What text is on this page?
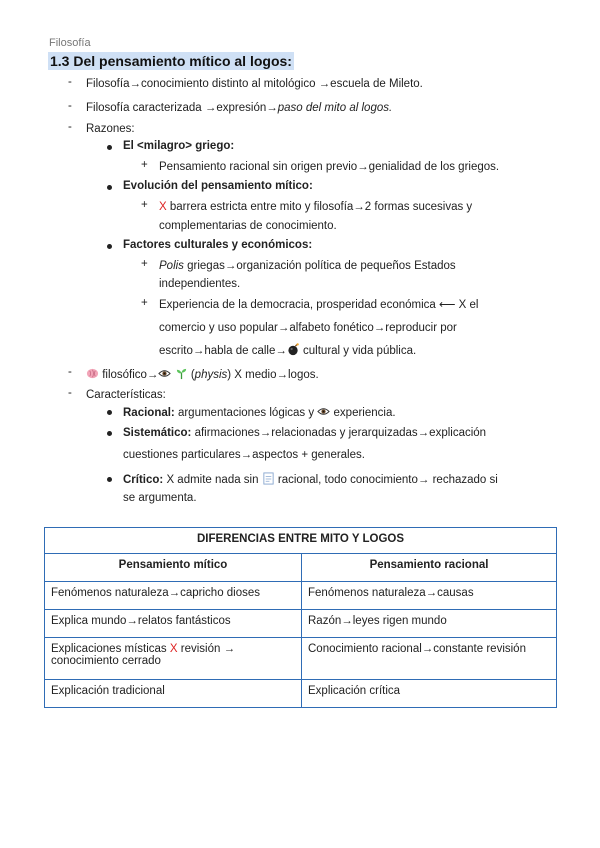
Filosofía
1.3 Del pensamiento mítico al logos:
- Filosofía→conocimiento distinto al mitológico →escuela de Mileto.
- Filosofía caracterizada →expresión→paso del mito al logos.
- Razones:
El <milagro> griego:
+ Pensamiento racional sin origen previo→genialidad de los griegos.
Evolución del pensamiento mítico:
+ X barrera estricta entre mito y filosofía→2 formas sucesivas y
complementarias de conocimiento.
Factores culturales y económicos:
+ Polis griegas→organización política de pequeños Estados
independientes.
+ Experiencia de la democracia, prosperidad económica ⟵ X el
comercio y uso popular→alfabeto fonético→reproducir por
escrito→habla de calle→ cultural y vida pública.
-	filosófico→	(physis) X medio→logos.
- Características:
Racional: argumentaciones lógicas y  experiencia.
Sistemático: afirmaciones→relacionadas y jerarquizadas→explicación
cuestiones particulares→aspectos + generales.
Crítico: X admite nada sin  racional, todo conocimiento→ rechazado si
se argumenta.
DIFERENCIAS ENTRE MITO Y LOGOS	
Pensamiento mítico	Pensamiento racional
Fenómenos naturaleza→capricho dioses	Fenómenos naturaleza→causas
Explica mundo→relatos fantásticos	Razón→leyes rigen mundo
Explicaciones místicas X revisión →
conocimiento cerrado	Conocimiento racional→constante revisión
Explicación tradicional	Explicación crítica
